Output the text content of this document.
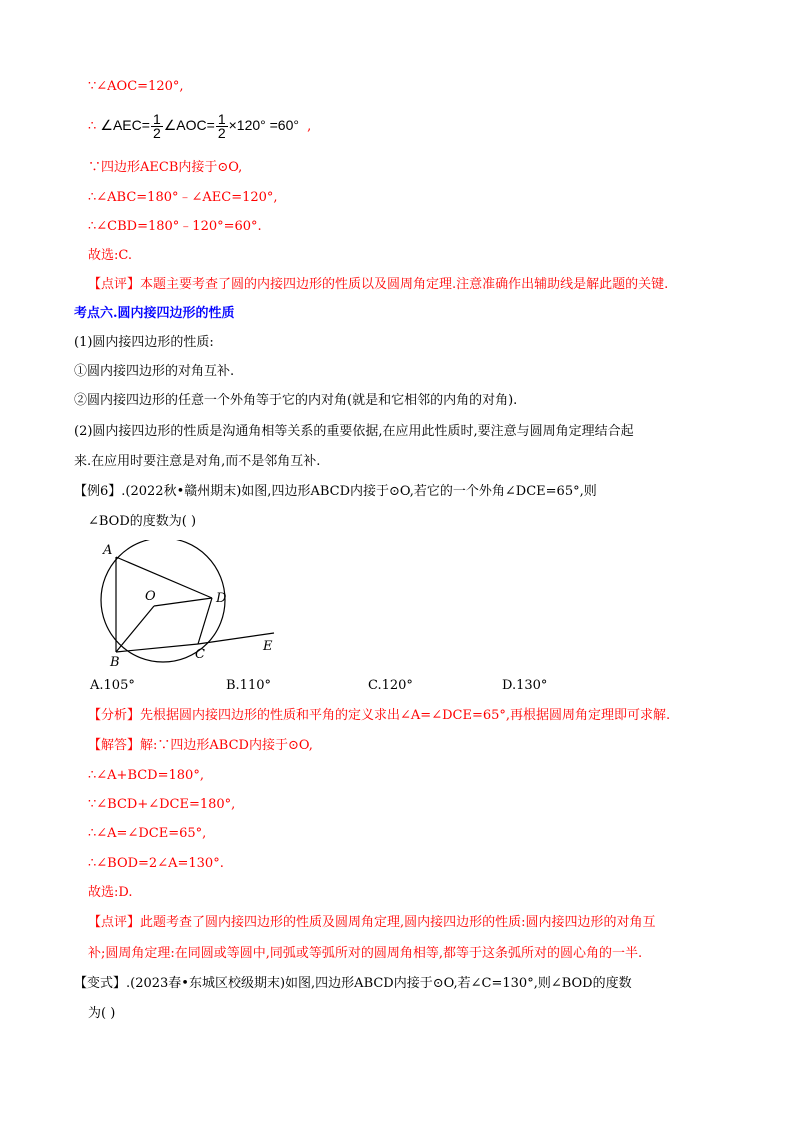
∵∠AOC=120°,
∴ ∠AEC= $\frac{1}{2}$ ∠AOC= $\frac{1}{2} \times 120^\circ =60^\circ$ ,
∵四边形AECB内接于⊙O,
∴∠ABC=180°﹣∠AEC=120°,
∴∠CBD=180°﹣120°=60°.
故选:C.
【点评】本题主要考查了圆的内接四边形的性质以及圆周角定理.注意准确作出辅助线是解此题的关键.
考点六.圆内接四边形的性质
(1)圆内接四边形的性质:
①圆内接四边形的对角互补.
②圆内接四边形的任意一个外角等于它的内对角(就是和它相邻的内角的对角).
(2)圆内接四边形的性质是沟通角相等关系的重要依据,在应用此性质时,要注意与圆周角定理结合起
来.在应用时要注意是对角,而不是邻角互补.
【例6】.(2022秋•赣州期末)如图,四边形ABCD内接于⊙O,若它的一个外角∠DCE=65°,则
∠BOD的度数为( )
A
O	D
B
C
E
A.105°	B.110°	C.120°	D.130°
【分析】先根据圆内接四边形的性质和平角的定义求出∠A=∠DCE=65°,再根据圆周角定理即可求解.
【解答】解:∵四边形ABCD内接于⊙O,
∴∠A+BCD=180°,
∵∠BCD+∠DCE=180°,
∴∠A=∠DCE=65°,
∴∠BOD=2∠A=130°.
故选:D.
【点评】此题考查了圆内接四边形的性质及圆周角定理,圆内接四边形的性质:圆内接四边形的对角互
补;圆周角定理:在同圆或等圆中,同弧或等弧所对的圆周角相等,都等于这条弧所对的圆心角的一半.
【变式】.(2023春•东城区校级期末)如图,四边形ABCD内接于⊙O,若∠C=130°,则∠BOD的度数
为( )
